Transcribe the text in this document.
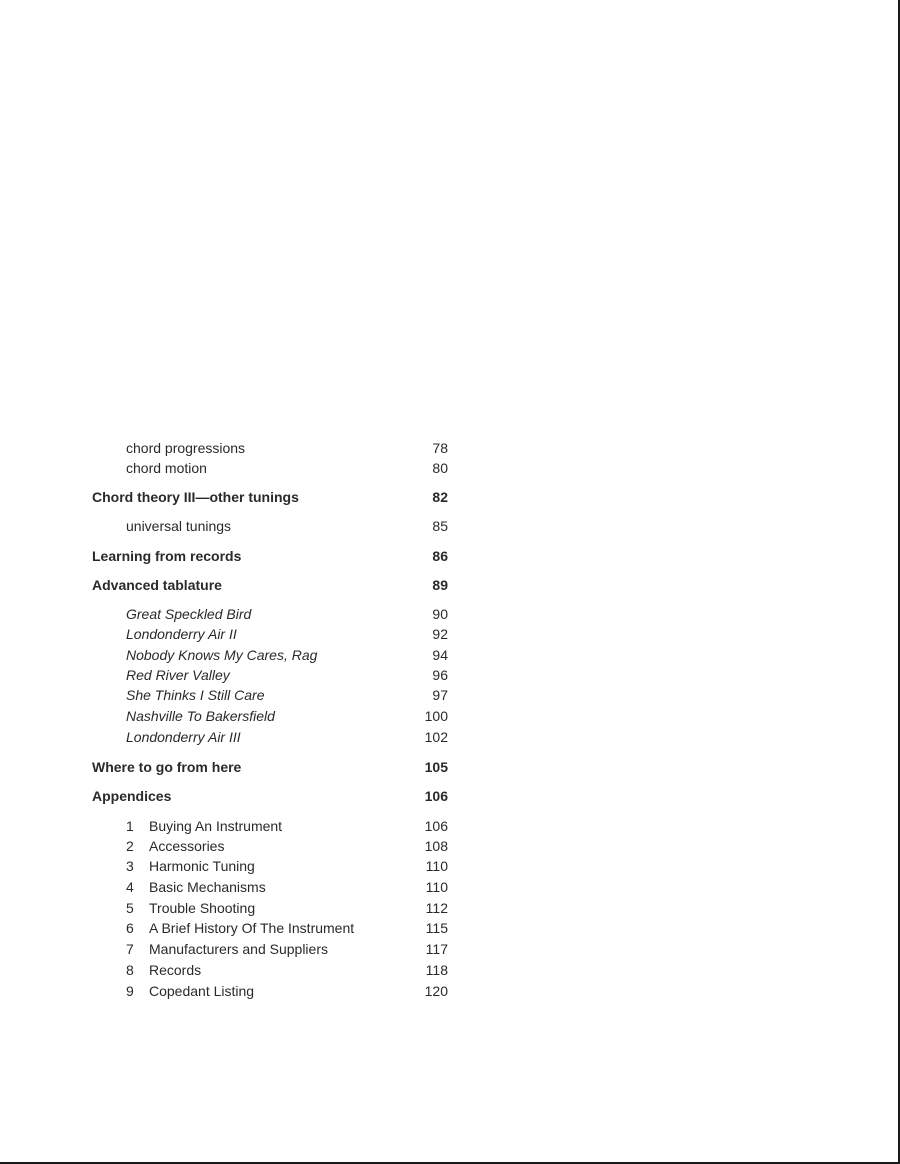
chord progressions	78
chord motion	80
Chord theory III—other tunings	82
universal tunings	85
Learning from records	86
Advanced tablature	89
Great Speckled Bird	90
Londonderry Air II	92
Nobody Knows My Cares, Rag	94
Red River Valley	96
She Thinks I Still Care	97
Nashville To Bakersfield	100
Londonderry Air III	102
Where to go from here	105
Appendices	106
1 Buying An Instrument	106
2 Accessories	108
3 Harmonic Tuning	110
4 Basic Mechanisms	110
5 Trouble Shooting	112
6 A Brief History Of The Instrument	115
7 Manufacturers and Suppliers	117
8 Records	118
9 Copedant Listing	120
